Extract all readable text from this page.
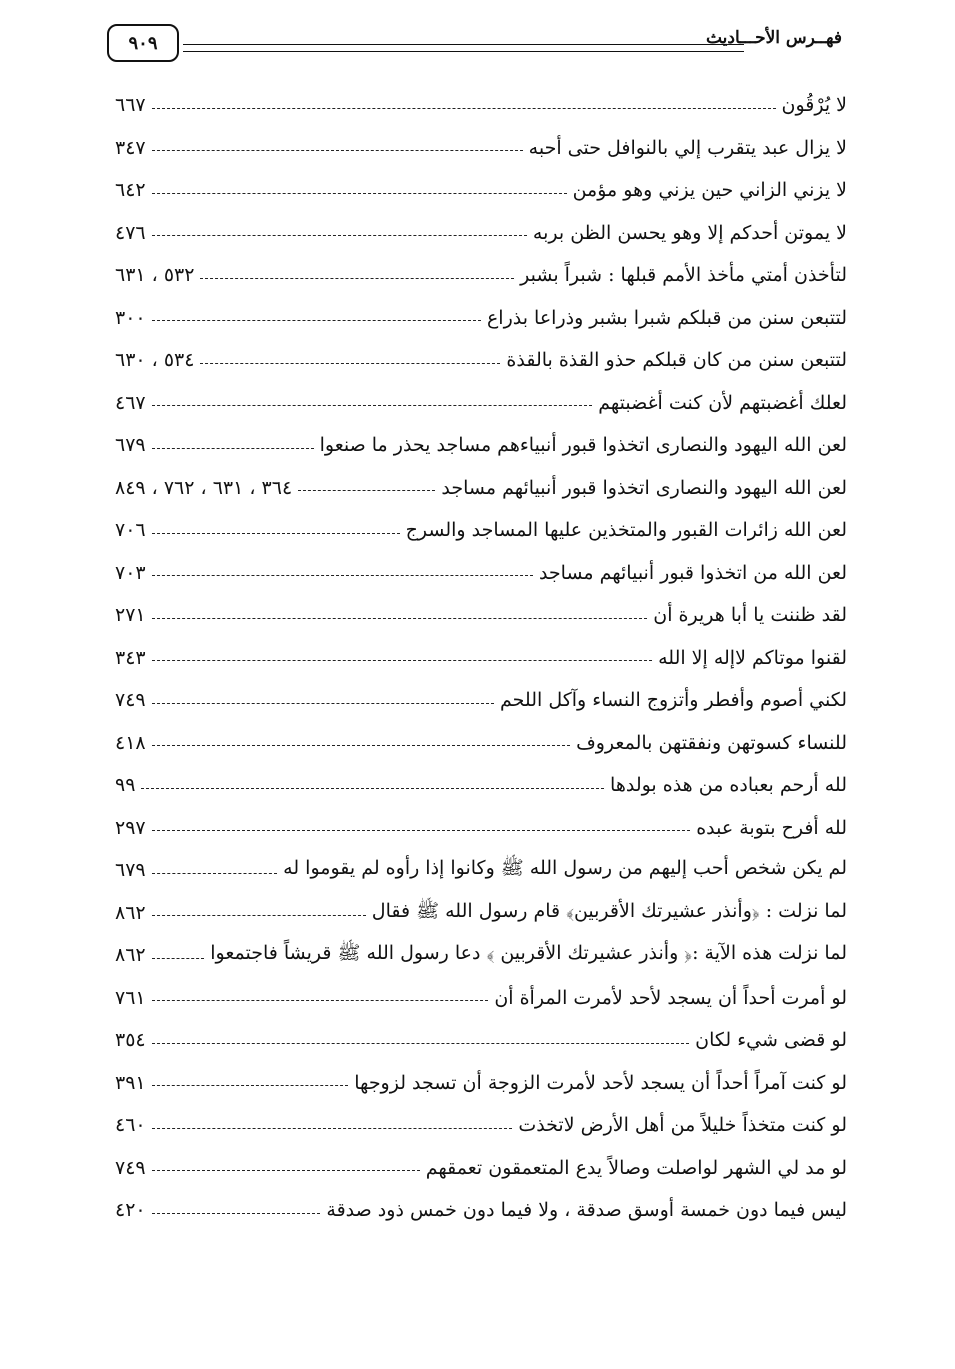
٩٠٩	فهــرس الأحـــاديث
لا يُرْقُون
٦٦٧
لا يزال عبد يتقرب إلي بالنوافل حتى أحبه
٣٤٧
لا يزني الزاني حين يزني وهو مؤمن
٦٤٢
لا يموتن أحدكم إلا وهو يحسن الظن بربه
٤٧٦
لتأخذن أمتي مأخذ الأمم قبلها : شبراً بشبر
٥٣٢ ، ٦٣١
لتتبعن سنن من قبلكم شبرا بشبر وذراعا بذراع
٣٠٠
لتتبعن سنن من كان قبلكم حذو القذة بالقذة
٥٣٤ ، ٦٣٠
لعلك أغضبتهم لأن كنت أغضبتهم
٤٦٧
لعن الله اليهود والنصارى اتخذوا قبور أنبياءهم مساجد يحذر ما صنعوا
٦٧٩
لعن الله اليهود والنصارى اتخذوا قبور أنبيائهم مساجد
٣٦٤ ، ٦٣١ ، ٧٦٢ ، ٨٤٩
لعن الله زائرات القبور والمتخذين عليها المساجد والسرج
٧٠٦
لعن الله من اتخذوا قبور أنبيائهم مساجد
٧٠٣
لقد ظننت يا أبا هريرة أن
٢٧١
لقنوا موتاكم لاإله إلا الله
٣٤٣
لكني أصوم وأفطر وأتزوج النساء وآكل اللحم
٧٤٩
للنساء كسوتهن ونفقتهن بالمعروف
٤١٨
لله أرحم بعباده من هذه بولدها
٩٩
لله أفرح بتوبة عبده
٢٩٧
لم يكن شخص أحب إليهم من رسول الله ﷺ وكانوا إذا رأوه لم يقوموا له
٦٧٩
لما نزلت : ﴿وأنذر عشيرتك الأقربين﴾ قام رسول الله ﷺ فقال
٨٦٢
لما نزلت هذه الآية :﴿ وأنذر عشيرتك الأقربين ﴾ دعا رسول الله ﷺ قريشاً فاجتمعوا
٨٦٢
لو أمرت أحداً أن يسجد لأحد لأمرت المرأة أن
٧٦١
لو قضى شيء لكان
٣٥٤
لو كنت آمراً أحداً أن يسجد لأحد لأمرت الزوجة أن تسجد لزوجها
٣٩١
لو كنت متخذاً خليلاً من أهل الأرض لاتخذت
٤٦٠
لو مد لي الشهر لواصلت وصالاً يدع المتعمقون تعمقهم
٧٤٩
ليس فيما دون خمسة أوسق صدقة ، ولا فيما دون خمس ذود صدقة
٤٢٠
